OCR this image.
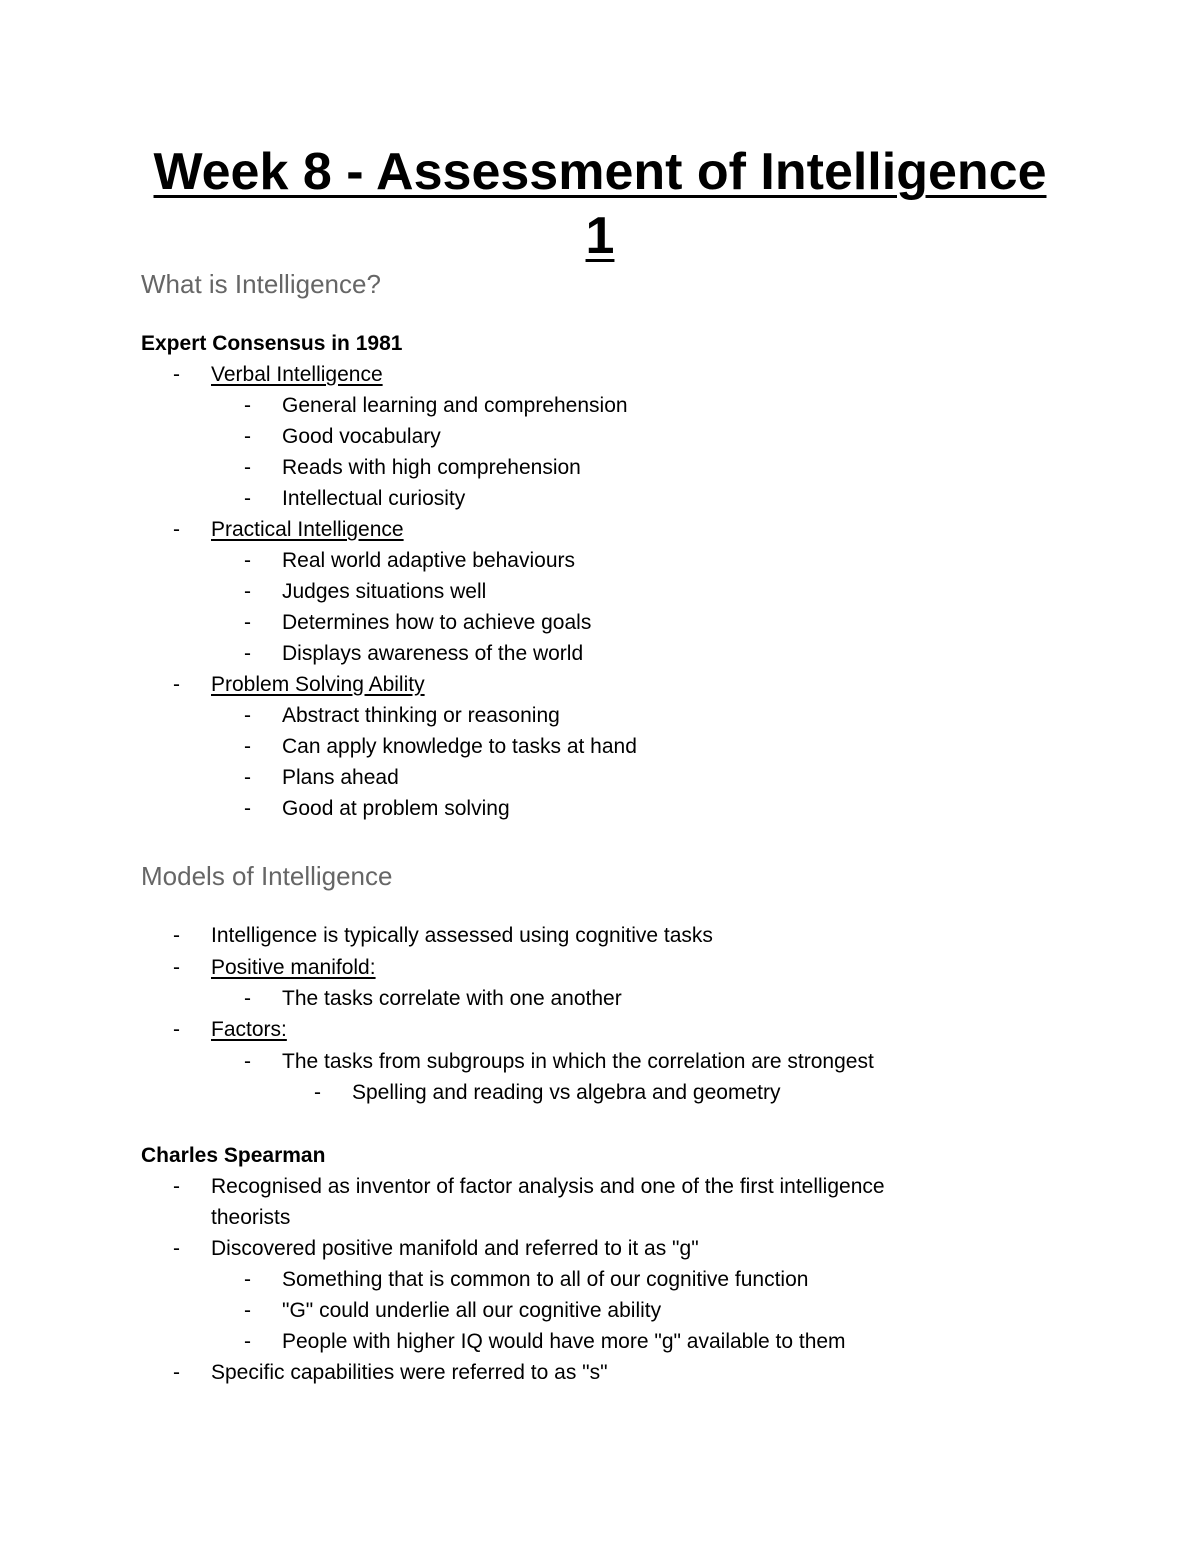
Week 8 - Assessment of Intelligence
1
What is Intelligence?
Expert Consensus in 1981
- Verbal Intelligence
- General learning and comprehension
- Good vocabulary
- Reads with high comprehension
- Intellectual curiosity
- Practical Intelligence
- Real world adaptive behaviours
- Judges situations well
- Determines how to achieve goals
- Displays awareness of the world
- Problem Solving Ability
- Abstract thinking or reasoning
- Can apply knowledge to tasks at hand
- Plans ahead
- Good at problem solving
Models of Intelligence
- Intelligence is typically assessed using cognitive tasks
- Positive manifold:
- The tasks correlate with one another
- Factors:
- The tasks from subgroups in which the correlation are strongest
- Spelling and reading vs algebra and geometry
Charles Spearman
- Recognised as inventor of factor analysis and one of the first intelligence
theorists
- Discovered positive manifold and referred to it as "g"
- Something that is common to all of our cognitive function
- "G" could underlie all our cognitive ability
- People with higher IQ would have more "g" available to them
- Specific capabilities were referred to as "s"
